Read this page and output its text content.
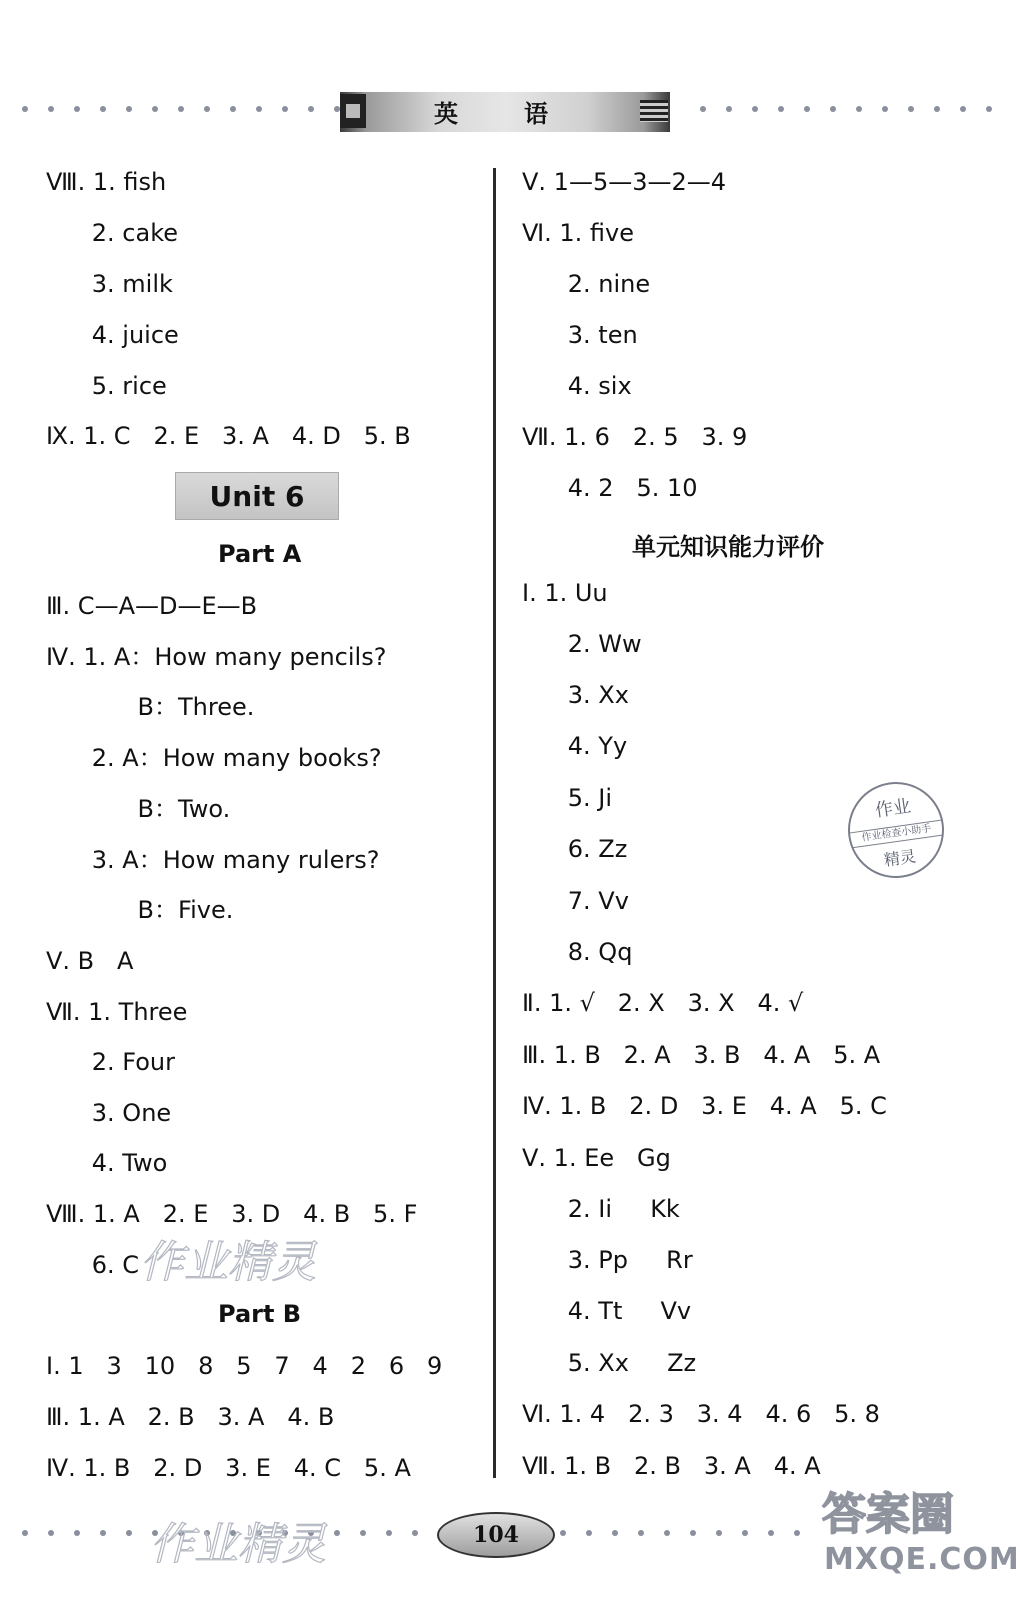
英	语
Ⅷ. 1. fish
2. cake
3. milk
4. juice
5. rice
Ⅸ. 1. C   2. E   3. A   4. D   5. B
Unit 6
Part A
Ⅲ. C—A—D—E—B
Ⅳ. 1. A：How many pencils?
B：Three.
2. A：How many books?
B：Two.
3. A：How many rulers?
B：Five.
Ⅴ. B   A
Ⅶ. 1. Three
2. Four
3. One
4. Two
Ⅷ. 1. A   2. E   3. D   4. B   5. F
6. C 作业精灵
Part B
Ⅰ. 1   3   10   8   5   7   4   2   6   9
Ⅲ. 1. A   2. B   3. A   4. B
Ⅳ. 1. B   2. D   3. E   4. C   5. A
Ⅴ. 1—5—3—2—4
Ⅵ. 1. five
2. nine
3. ten
4. six
Ⅶ. 1. 6   2. 5   3. 9
4. 2   5. 10
单元知识能力评价
Ⅰ. 1. Uu
2. Ww
3. Xx
4. Yy
5. Ji
6. Zz
7. Vv
8. Qq
Ⅱ. 1. √   2. X   3. X   4. √
Ⅲ. 1. B   2. A   3. B   4. A   5. A
Ⅳ. 1. B   2. D   3. E   4. A   5. C
Ⅴ. 1. Ee   Gg
2. Ii     Kk
3. Pp     Rr
4. Tt     Vv
5. Xx     Zz
Ⅵ. 1. 4   2. 3   3. 4   4. 6   5. 8
Ⅶ. 1. B   2. B   3. A   4. A
作业
作业检查小助手
精灵
作业精灵	104	答案圈
MXQE.COM
